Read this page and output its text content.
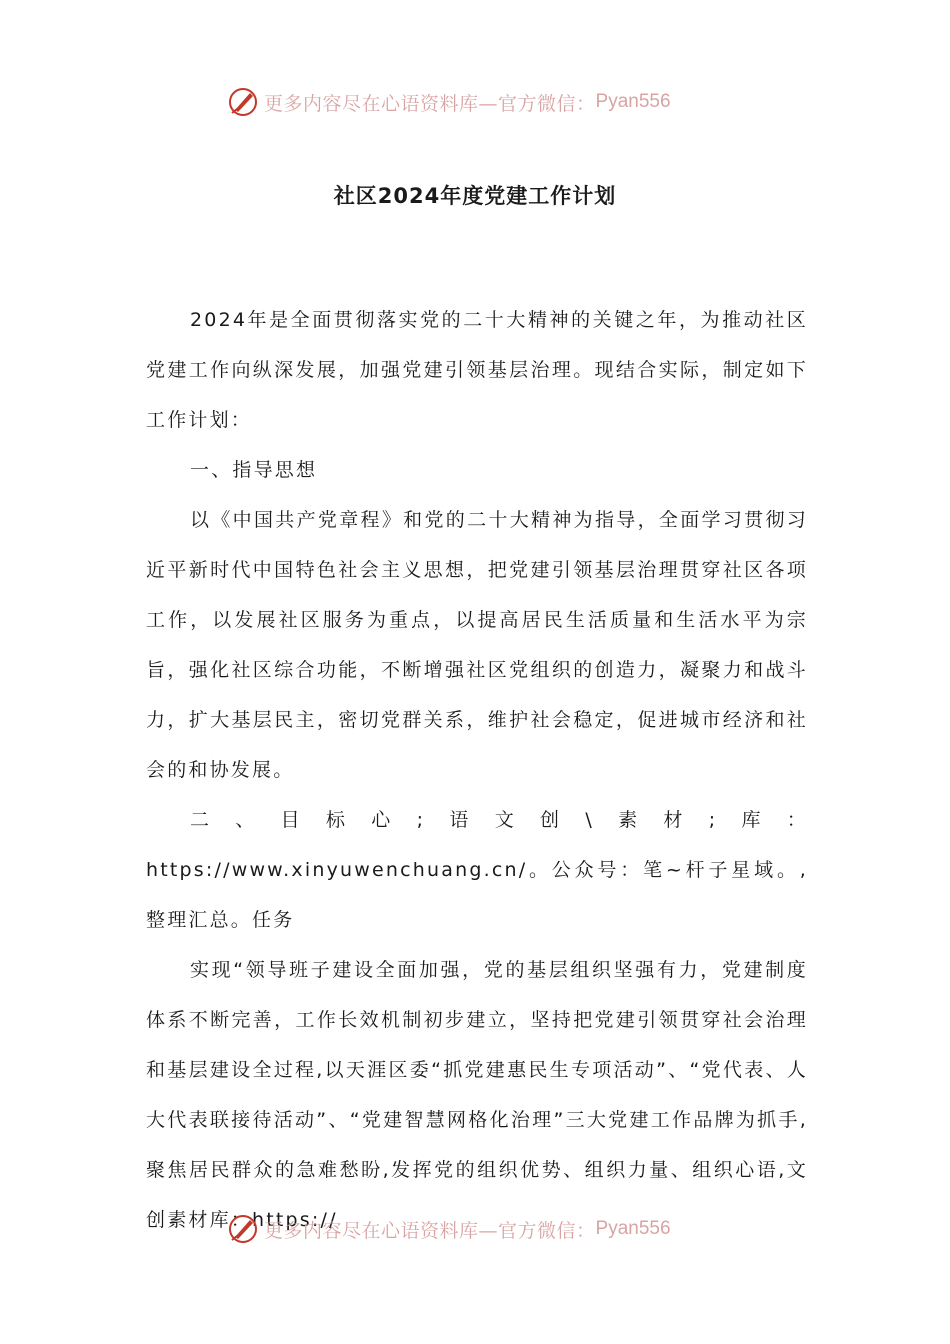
更多内容尽在心语资料库— 官方微信： Pyan556
社区2024年度党建工作计划

2024年是全面贯彻落实党的二十大精神的关键之年，为推动社区党建工作向纵深发展，加强党建引领基层治理。现结合实际，制定如下工作计划：

一、指导思想

以《中国共产党章程》和党的二十大精神为指导，全面学习贯彻习近平新时代中国特色社会主义思想，把党建引领基层治理贯穿社区各项工作，以发展社区服务为重点，以提高居民生活质量和生活水平为宗旨，强化社区综合功能，不断增强社区党组织的创造力，凝聚力和战斗力，扩大基层民主，密切党群关系，维护社会稳定，促进城市经济和社会的和协发展。

二、目标心;语文创\素材;库：https://www.xinyuwenchuang.cn/。公众号：笔~杆子星域。,整理汇总。任务

实现“领导班子建设全面加强，党的基层组织坚强有力，党建制度体系不断完善，工作长效机制初步建立，坚持把党建引领贯穿社会治理和基层建设全过程,以天涯区委“抓党建惠民生专项活动”、“党代表、人大代表联接待活动”、“党建智慧网格化治理”三大党建工作品牌为抓手,聚焦居民群众的急难愁盼,发挥党的组织优势、组织力量、组织心语,文创素材库：https://

更多内容尽在心语资料库— 官方微信： Pyan556
